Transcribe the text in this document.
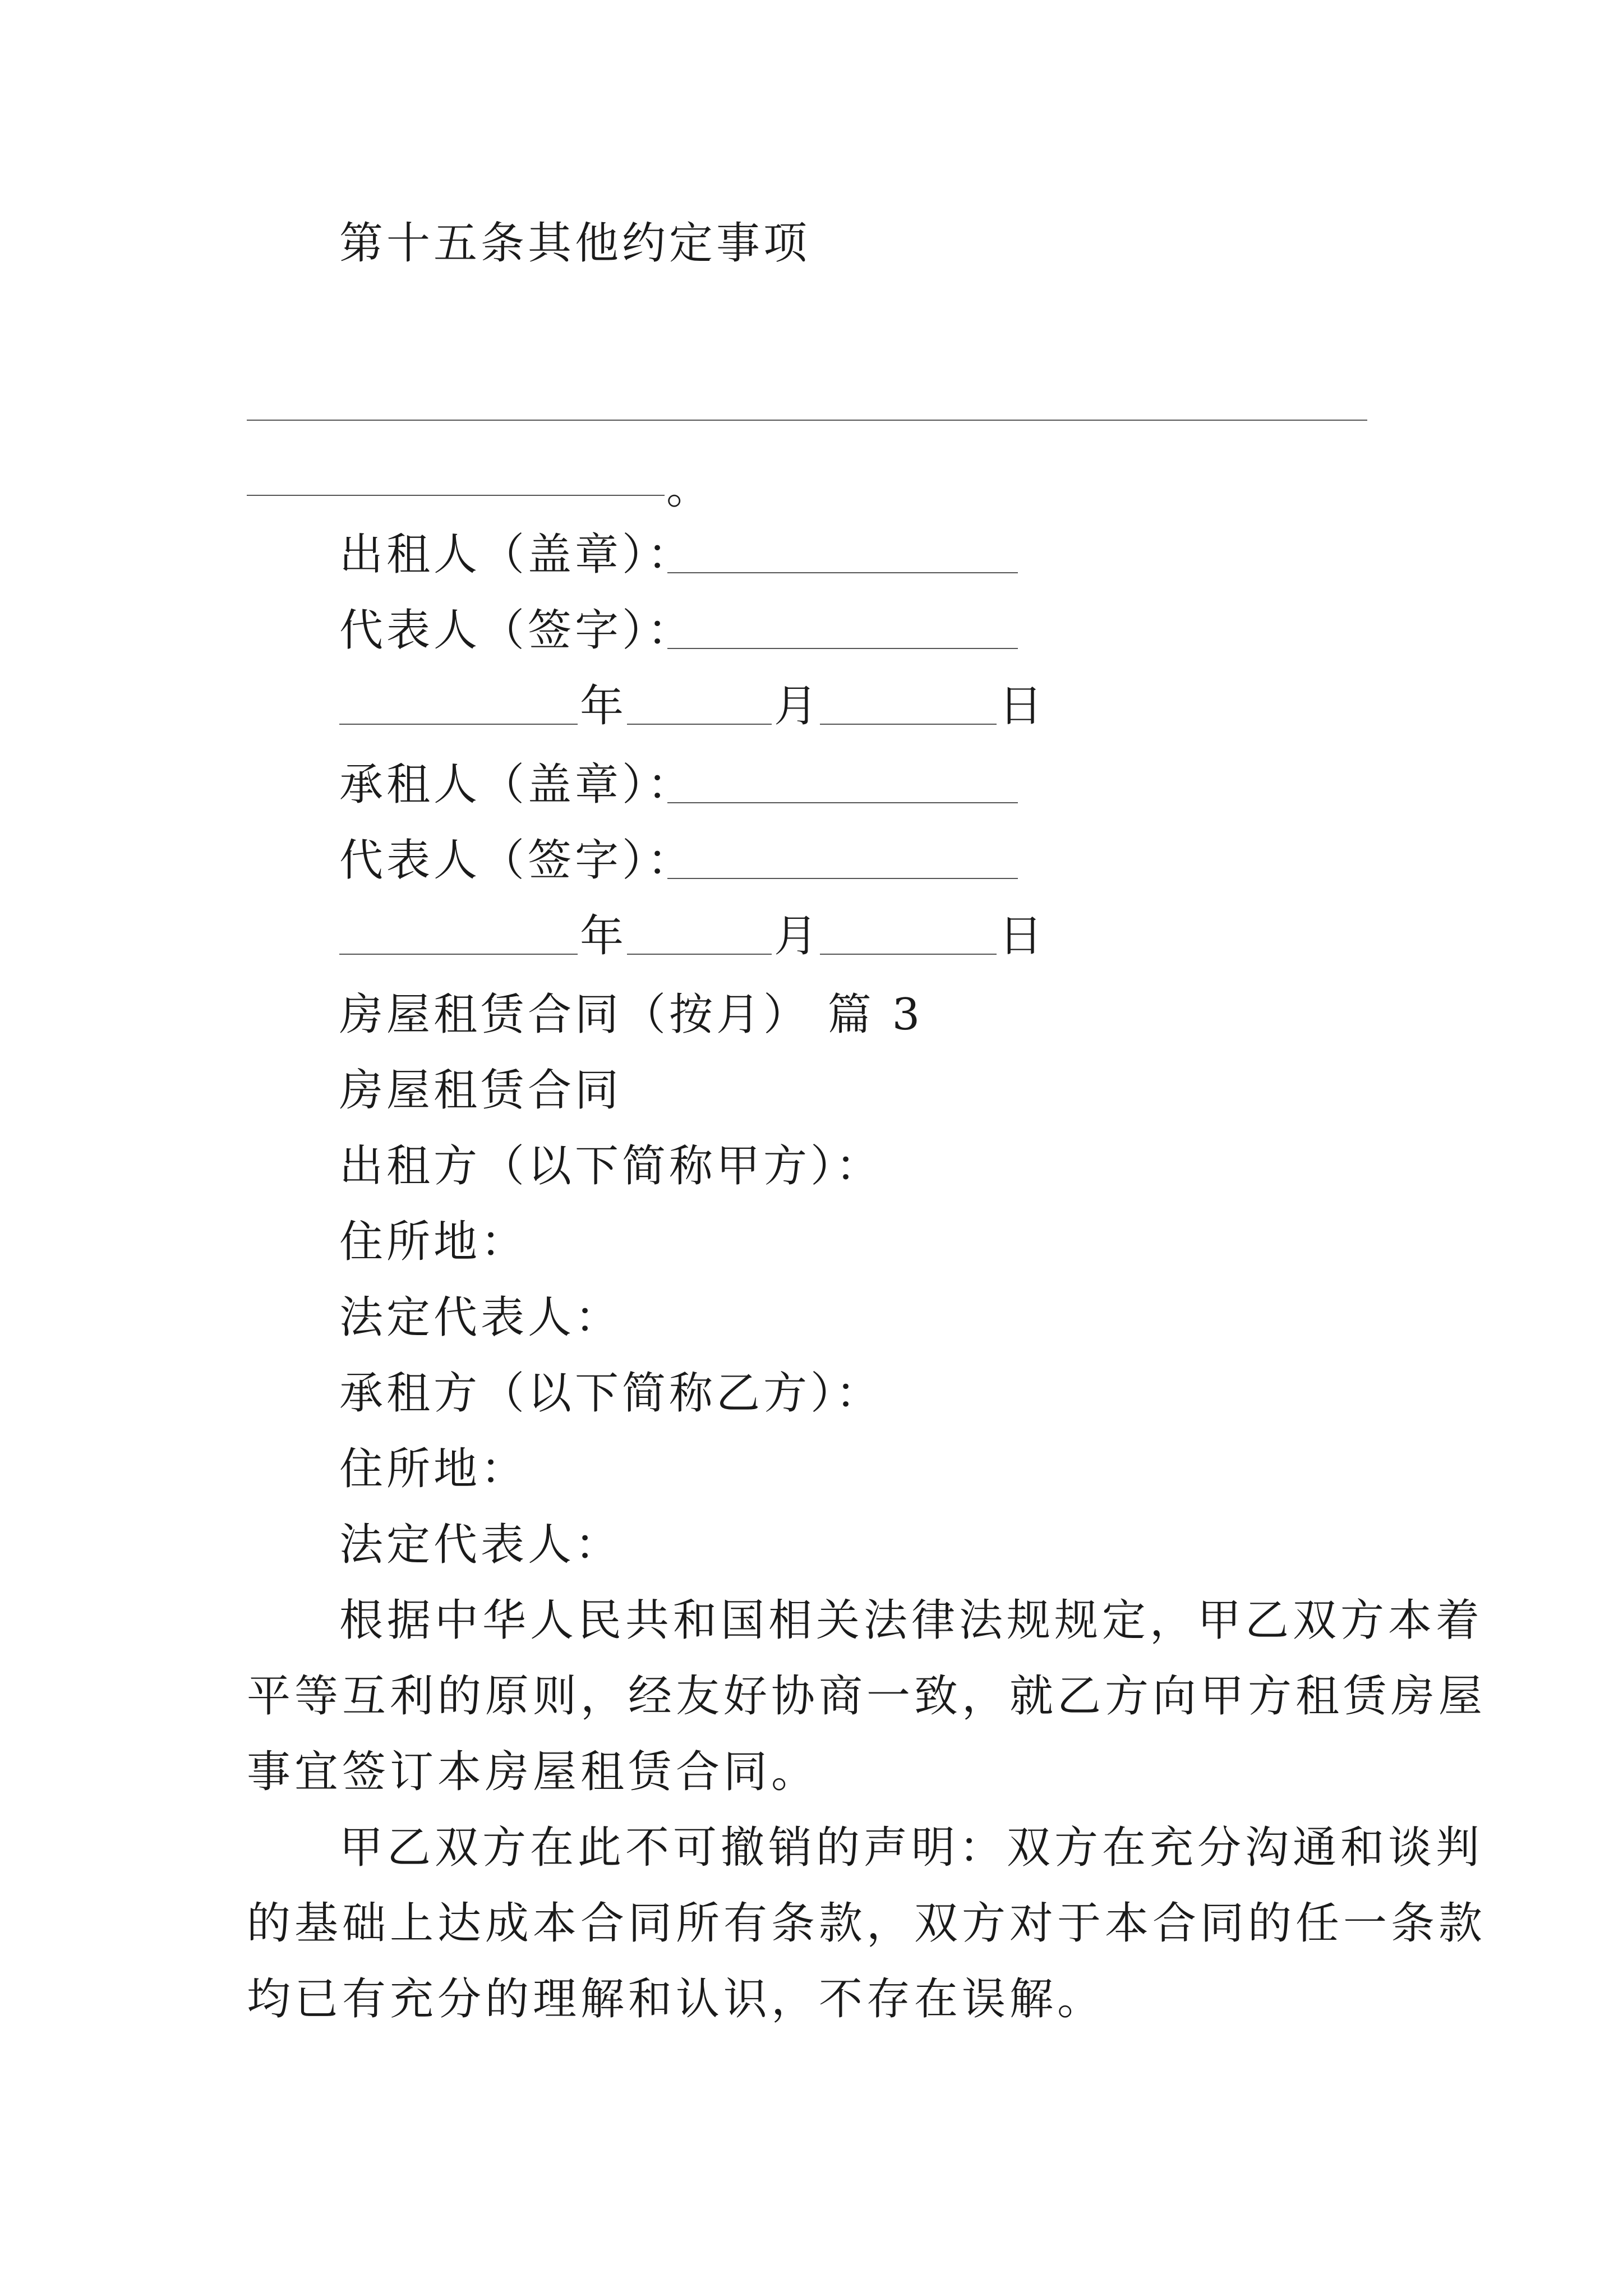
第十五条其他约定事项
。
出租人（盖章）：
代表人（签字）：
年	月	日
承租人（盖章）：
代表人（签字）：
年	月	日
房屋租赁合同（按月） 篇 3
房屋租赁合同
出租方（以下简称甲方）：
住所地：
法定代表人：
承租方（以下简称乙方）：
住所地：
法定代表人：
根据中华人民共和国相关法律法规规定，甲乙双方本着
平等互利的原则，经友好协商一致，就乙方向甲方租赁房屋
事宜签订本房屋租赁合同。
甲乙双方在此不可撤销的声明：双方在充分沟通和谈判
的基础上达成本合同所有条款，双方对于本合同的任一条款
均已有充分的理解和认识，不存在误解。
